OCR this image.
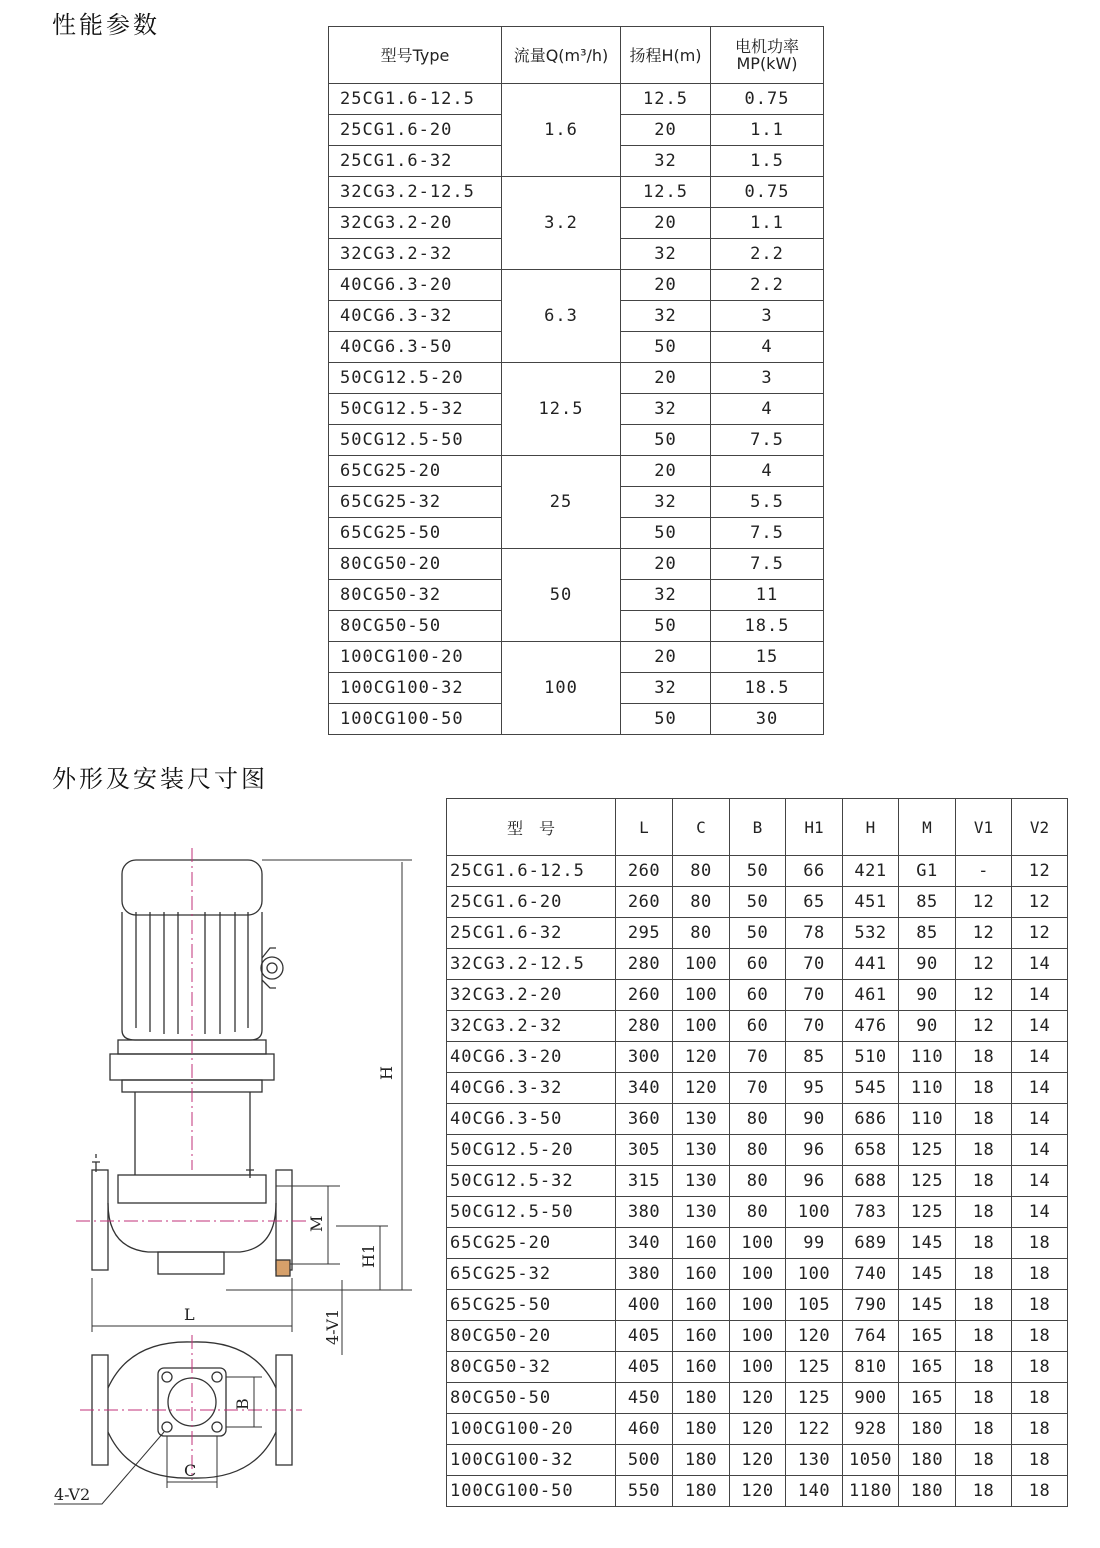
性能参数
型号Type	流量Q(m³/h)	扬程H(m)	电机功率
MP(kW)
25CG1.6-12.5	1.6	12.5	0.75
25CG1.6-20		20	1.1
25CG1.6-32		32	1.5
32CG3.2-12.5	3.2	12.5	0.75
32CG3.2-20		20	1.1
32CG3.2-32		32	2.2
40CG6.3-20	6.3	20	2.2
40CG6.3-32		32	3
40CG6.3-50		50	4
50CG12.5-20	12.5	20	3
50CG12.5-32		32	4
50CG12.5-50		50	7.5
65CG25-20	25	20	4
65CG25-32		32	5.5
65CG25-50		50	7.5
80CG50-20	50	20	7.5
80CG50-32		32	11
80CG50-50		50	18.5
100CG100-20	100	20	15
100CG100-32		32	18.5
100CG100-50		50	30
外形及安装尺寸图
H
M
H1
4-V1
L
B
C
4-V2
型　号	L	C	B	H1	H	M	V1	V2
25CG1.6-12.5	260	80	50	66	421	G1	-	12
25CG1.6-20	260	80	50	65	451	85	12	12
25CG1.6-32	295	80	50	78	532	85	12	12
32CG3.2-12.5	280	100	60	70	441	90	12	14
32CG3.2-20	260	100	60	70	461	90	12	14
32CG3.2-32	280	100	60	70	476	90	12	14
40CG6.3-20	300	120	70	85	510	110	18	14
40CG6.3-32	340	120	70	95	545	110	18	14
40CG6.3-50	360	130	80	90	686	110	18	14
50CG12.5-20	305	130	80	96	658	125	18	14
50CG12.5-32	315	130	80	96	688	125	18	14
50CG12.5-50	380	130	80	100	783	125	18	14
65CG25-20	340	160	100	99	689	145	18	18
65CG25-32	380	160	100	100	740	145	18	18
65CG25-50	400	160	100	105	790	145	18	18
80CG50-20	405	160	100	120	764	165	18	18
80CG50-32	405	160	100	125	810	165	18	18
80CG50-50	450	180	120	125	900	165	18	18
100CG100-20	460	180	120	122	928	180	18	18
100CG100-32	500	180	120	130	1050	180	18	18
100CG100-50	550	180	120	140	1180	180	18	18
